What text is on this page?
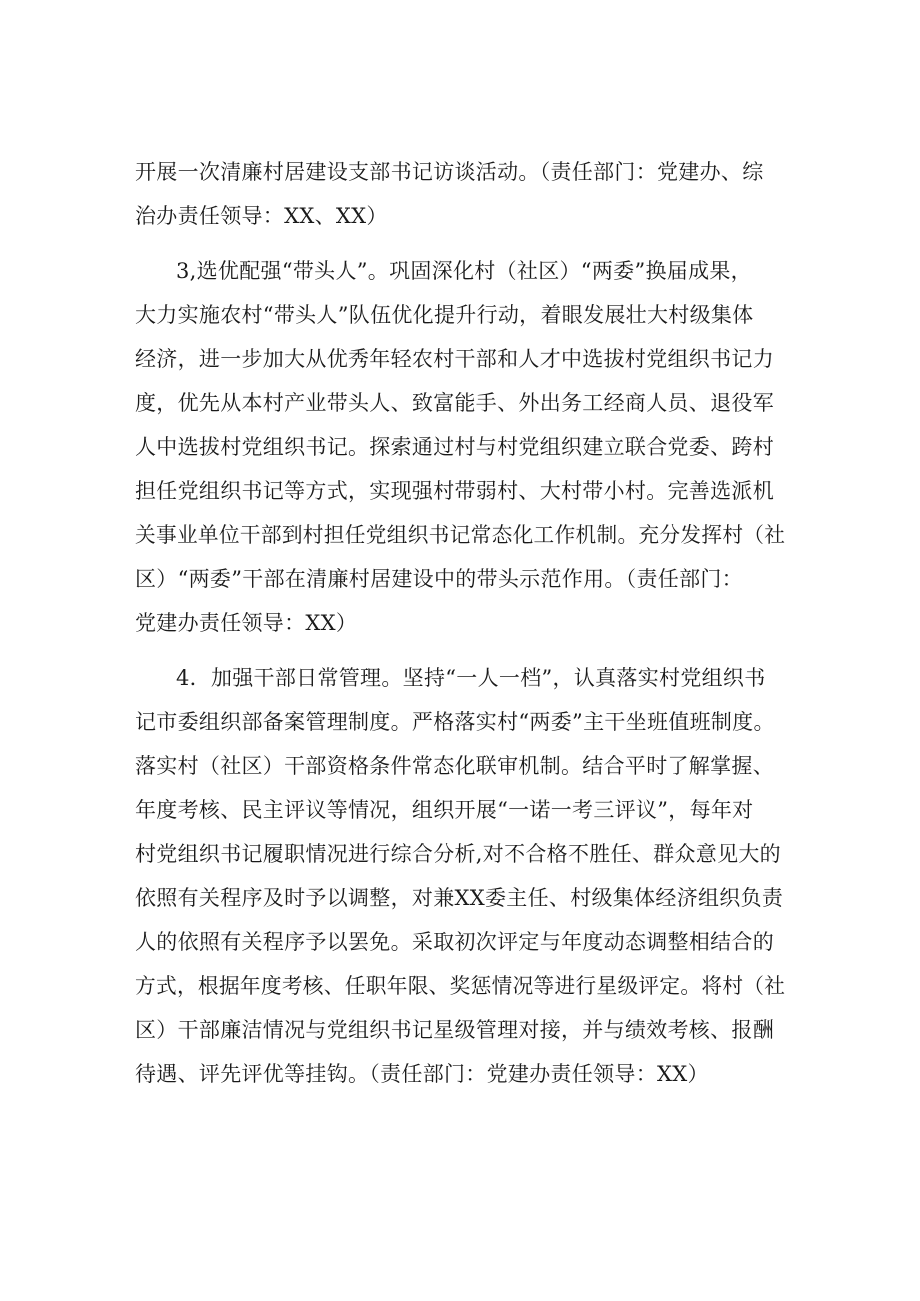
开展一次清廉村居建设支部书记访谈活动。（责任部门：党建办、综
治办责任领导：XX、XX）
3,选优配强“带头人”。巩固深化村（社区）“两委”换届成果，
大力实施农村“带头人”队伍优化提升行动，着眼发展壮大村级集体
经济，进一步加大从优秀年轻农村干部和人才中选拔村党组织书记力
度，优先从本村产业带头人、致富能手、外出务工经商人员、退役军
人中选拔村党组织书记。探索通过村与村党组织建立联合党委、跨村
担任党组织书记等方式，实现强村带弱村、大村带小村。完善选派机
关事业单位干部到村担任党组织书记常态化工作机制。充分发挥村（社
区）“两委”干部在清廉村居建设中的带头示范作用。（责任部门：
党建办责任领导：XX）
4．加强干部日常管理。坚持“一人一档”，认真落实村党组织书
记市委组织部备案管理制度。严格落实村“两委”主干坐班值班制度。
落实村（社区）干部资格条件常态化联审机制。结合平时了解掌握、
年度考核、民主评议等情况，组织开展“一诺一考三评议”，每年对
村党组织书记履职情况进行综合分析,对不合格不胜任、群众意见大的
依照有关程序及时予以调整，对兼XX委主任、村级集体经济组织负责
人的依照有关程序予以罢免。采取初次评定与年度动态调整相结合的
方式，根据年度考核、任职年限、奖惩情况等进行星级评定。将村（社
区）干部廉洁情况与党组织书记星级管理对接，并与绩效考核、报酬
待遇、评先评优等挂钩。（责任部门：党建办责任领导：XX）
